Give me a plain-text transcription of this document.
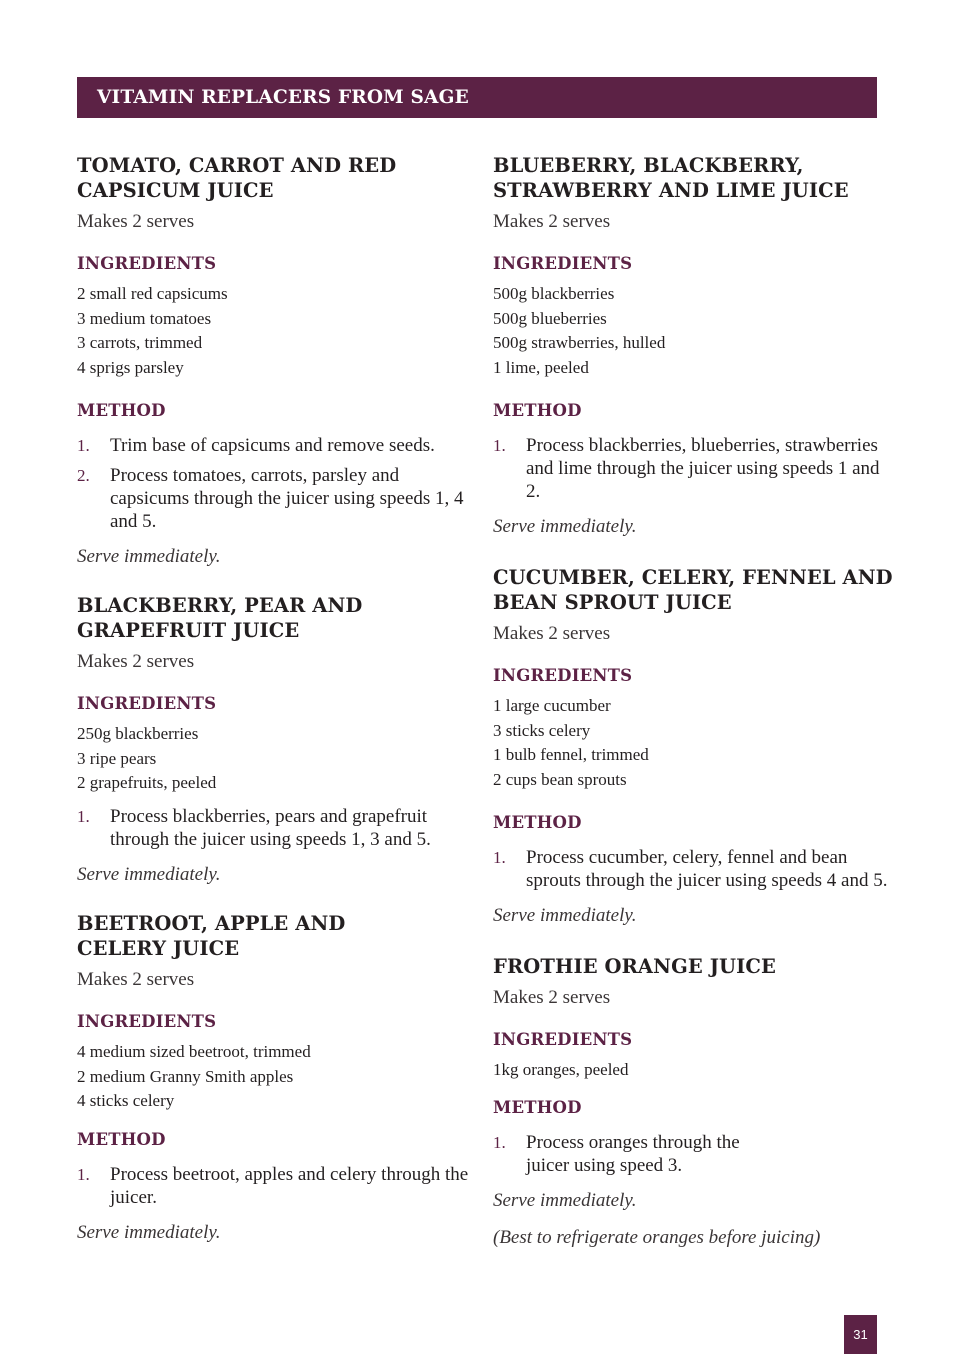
VITAMIN REPLACERS FROM SAGE
TOMATO, CARROT AND RED
CAPSICUM JUICE
Makes 2 serves
INGREDIENTS
2 small red capsicums
3 medium tomatoes
3 carrots, trimmed
4 sprigs parsley
METHOD
1. Trim base of capsicums and remove seeds.
2. Process tomatoes, carrots, parsley and capsicums through the juicer using speeds 1, 4 and 5.
Serve immediately.
BLACKBERRY, PEAR AND
GRAPEFRUIT JUICE
Makes 2 serves
INGREDIENTS
250g blackberries
3 ripe pears
2 grapefruits, peeled
1. Process blackberries, pears and grapefruit through the juicer using speeds 1, 3 and 5.
Serve immediately.
BEETROOT, APPLE AND
CELERY JUICE
Makes 2 serves
INGREDIENTS
4 medium sized beetroot, trimmed
2 medium Granny Smith apples
4 sticks celery
METHOD
1. Process beetroot, apples and celery through the juicer.
Serve immediately.
BLUEBERRY, BLACKBERRY,
STRAWBERRY AND LIME JUICE
Makes 2 serves
INGREDIENTS
500g blackberries
500g blueberries
500g strawberries, hulled
1 lime, peeled
METHOD
1. Process blackberries, blueberries, strawberries and lime through the juicer using speeds 1 and 2.
Serve immediately.
CUCUMBER, CELERY, FENNEL AND
BEAN SPROUT JUICE
Makes 2 serves
INGREDIENTS
1 large cucumber
3 sticks celery
1 bulb fennel, trimmed
2 cups bean sprouts
METHOD
1. Process cucumber, celery, fennel and bean sprouts through the juicer using speeds 4 and 5.
Serve immediately.
FROTHIE ORANGE JUICE
Makes 2 serves
INGREDIENTS
1kg oranges, peeled
METHOD
1. Process oranges through the juicer using speed 3.
Serve immediately.
(Best to refrigerate oranges before juicing)
31
